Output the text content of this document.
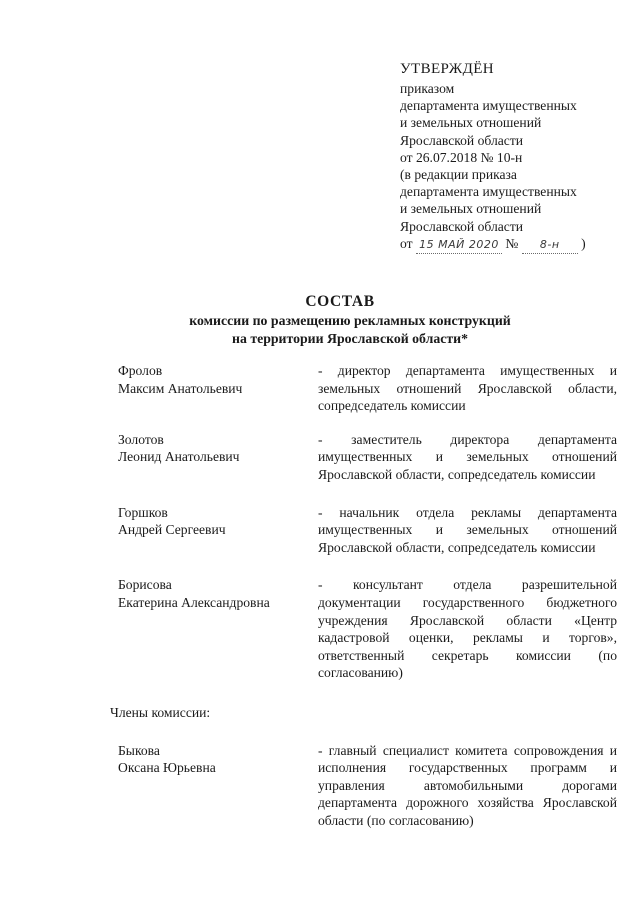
УТВЕРЖДЁН
приказом
департамента имущественных
и земельных отношений
Ярославской области
от 26.07.2018 № 10-н
(в редакции приказа
департамента имущественных
и земельных отношений
Ярославской области
от 15 МАЙ 2020 № 8-н )
СОСТАВ
комиссии по размещению рекламных конструкций
на территории Ярославской области*
Фролов
Максим Анатольевич
- директор департамента имущественных и земельных отношений Ярославской области, сопредседатель комиссии
Золотов
Леонид Анатольевич
- заместитель директора департамента имущественных и земельных отношений Ярославской области, сопредседатель комиссии
Горшков
Андрей Сергеевич
- начальник отдела рекламы департамента имущественных и земельных отношений Ярославской области, сопредседатель комиссии
Борисова
Екатерина Александровна
- консультант отдела разрешительной документации государственного бюджетного учреждения Ярославской области «Центр кадастровой оценки, рекламы и торгов», ответственный секретарь комиссии (по согласованию)
Члены комиссии:
Быкова
Оксана Юрьевна
- главный специалист комитета сопровождения и исполнения государственных программ и управления автомобильными дорогами департамента дорожного хозяйства Ярославской области (по согласованию)
